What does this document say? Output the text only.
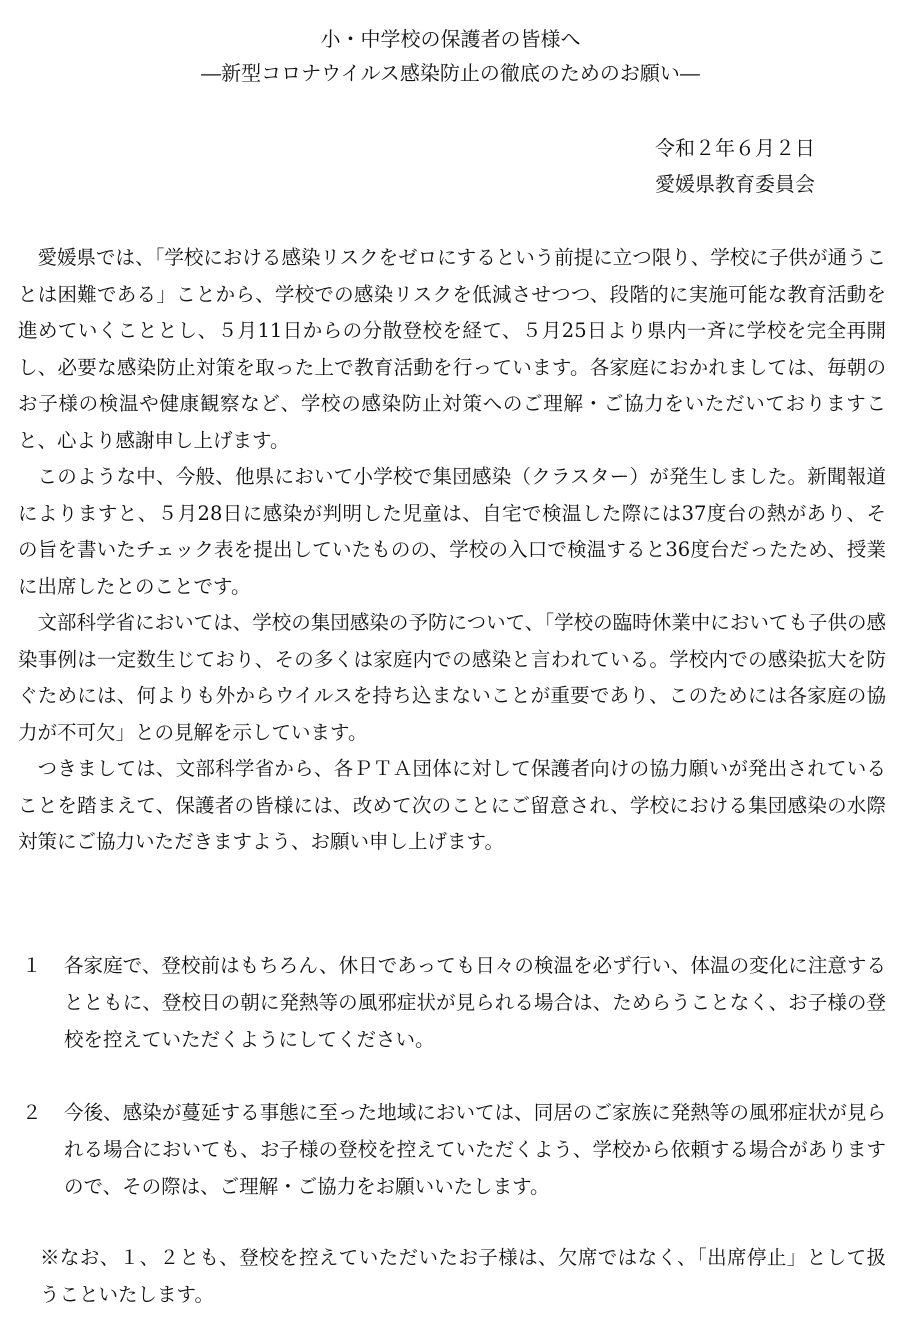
小・中学校の保護者の皆様へ
―新型コロナウイルス感染防止の徹底のためのお願い―
令和２年６月２日
愛媛県教育委員会

愛媛県では、「学校における感染リスクをゼロにするという前提に立つ限り、学校に子供が通うことは困難である」ことから、学校での感染リスクを低減させつつ、段階的に実施可能な教育活動を進めていくこととし、５月11日からの分散登校を経て、５月25日より県内一斉に学校を完全再開し、必要な感染防止対策を取った上で教育活動を行っています。各家庭におかれましては、毎朝のお子様の検温や健康観察など、学校の感染防止対策へのご理解・ご協力をいただいておりますこと、心より感謝申し上げます。

このような中、今般、他県において小学校で集団感染（クラスター）が発生しました。新聞報道によりますと、５月28日に感染が判明した児童は、自宅で検温した際には37度台の熱があり、その旨を書いたチェック表を提出していたものの、学校の入口で検温すると36度台だったため、授業に出席したとのことです。

文部科学省においては、学校の集団感染の予防について、「学校の臨時休業中においても子供の感染事例は一定数生じており、その多くは家庭内での感染と言われている。学校内での感染拡大を防ぐためには、何よりも外からウイルスを持ち込まないことが重要であり、このためには各家庭の協力が不可欠」との見解を示しています。

つきましては、文部科学省から、各ＰＴＡ団体に対して保護者向けの協力願いが発出されていることを踏まえて、保護者の皆様には、改めて次のことにご留意され、学校における集団感染の水際対策にご協力いただきますよう、お願い申し上げます。

１	各家庭で、登校前はもちろん、休日であっても日々の検温を必ず行い、体温の変化に注意するとともに、登校日の朝に発熱等の風邪症状が見られる場合は、ためらうことなく、お子様の登校を控えていただくようにしてください。
２	今後、感染が蔓延する事態に至った地域においては、同居のご家族に発熱等の風邪症状が見られる場合においても、お子様の登校を控えていただくよう、学校から依頼する場合がありますので、その際は、ご理解・ご協力をお願いいたします。
※なお、１、２とも、登校を控えていただいたお子様は、欠席ではなく、「出席停止」として扱うこといたします。
